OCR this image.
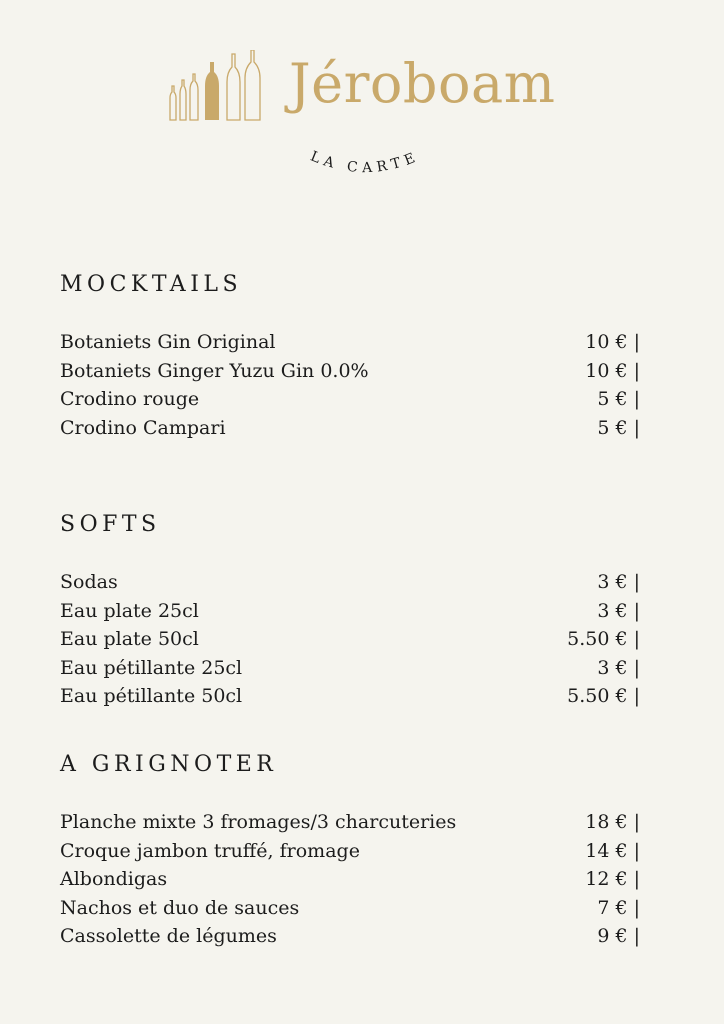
Jéroboam
LA CARTE
MOCKTAILS
Botaniets Gin Original	10 € |
Botaniets Ginger Yuzu Gin 0.0%	10 € |
Crodino rouge	5 € |
Crodino Campari	5 € |
SOFTS
Sodas	3 € |
Eau plate 25cl	3 € |
Eau plate 50cl	5.50 € |
Eau pétillante 25cl	3 € |
Eau pétillante 50cl	5.50 € |
A GRIGNOTER
Planche mixte 3 fromages/3 charcuteries	18 € |
Croque jambon truffé, fromage	14 € |
Albondigas	12 € |
Nachos et duo de sauces	7 € |
Cassolette de légumes	9 € |
